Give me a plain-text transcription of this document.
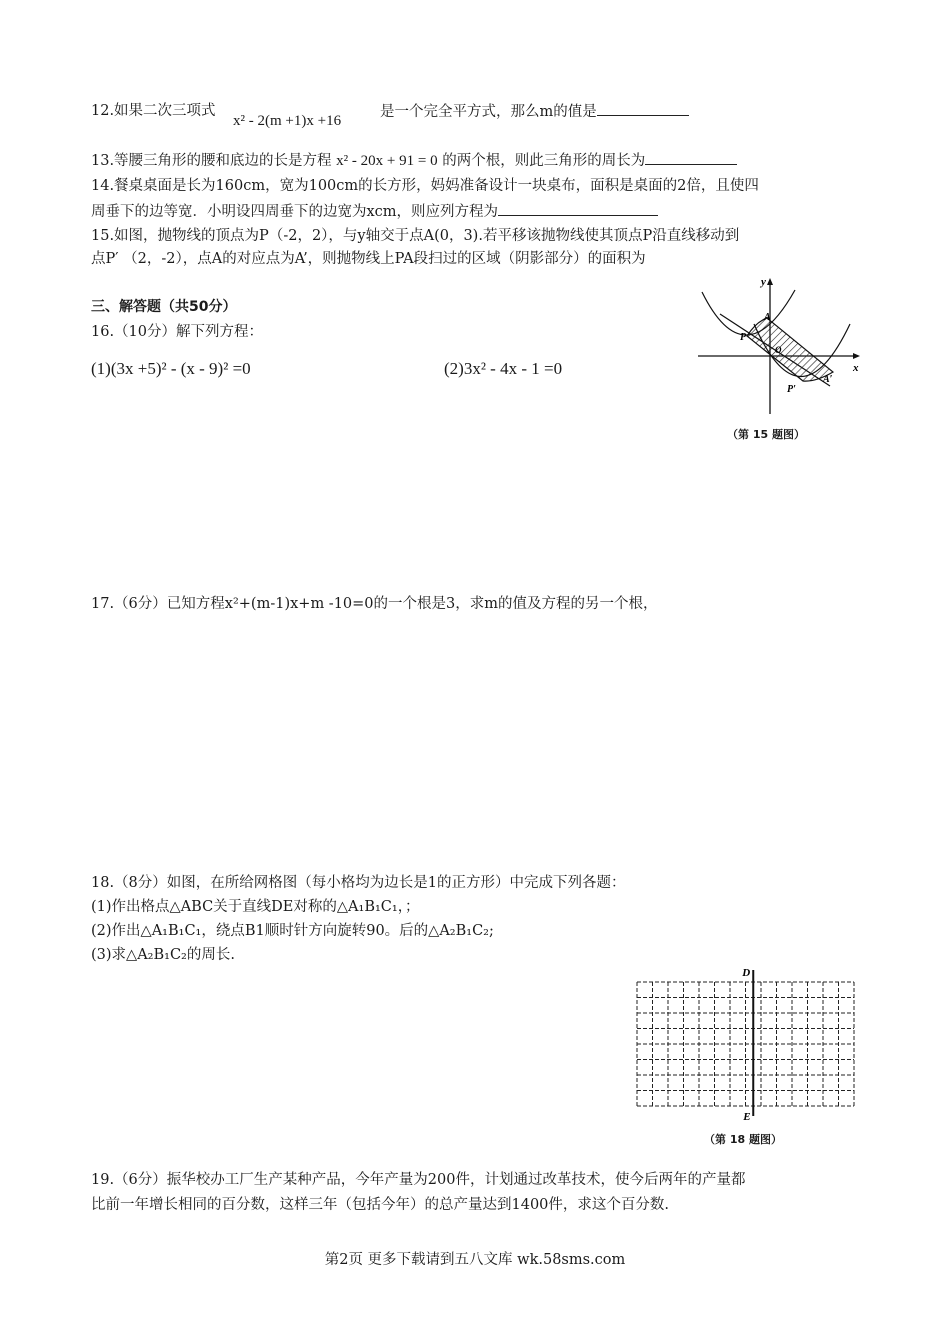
12.如果二次三项式
x² - 2(m +1)x +16
是一个完全平方式，那么m的值是
13.等腰三角形的腰和底边的长是方程 x² - 20x + 91 = 0 的两个根，则此三角形的周长为
14.餐桌桌面是长为160cm，宽为100cm的长方形，妈妈准备设计一块桌布，面积是桌面的2倍，且使四
周垂下的边等宽．小明设四周垂下的边宽为xcm，则应列方程为
15.如图，抛物线的顶点为P（-2，2），与y轴交于点A(0，3).若平移该抛物线使其顶点P沿直线移动到
点P′ （2，-2），点A的对应点为A’，则抛物线上PA段扫过的区域（阴影部分）的面积为
y
x
A
P
O
P′
A′
（第 15 题图）
三、解答题（共50分）
16.（10分）解下列方程：
(1)(3x +5)² - (x - 9)² =0	(2)3x² - 4x - 1 =0
17.（6分）已知方程x²+(m-1)x+m -10=0的一个根是3，求m的值及方程的另一个根，
18.（8分）如图，在所给网格图（每小格均为边长是1的正方形）中完成下列各题：
(1)作出格点△ABC关于直线DE对称的△A₁B₁C₁，；
(2)作出△A₁B₁C₁，绕点B1顺时针方向旋转90。后的△A₂B₁C₂;
(3)求△A₂B₁C₂的周长.
D
E
（第 18 题图）
19.（6分）振华校办工厂生产某种产品，今年产量为200件，计划通过改革技术，使今后两年的产量都
比前一年增长相同的百分数，这样三年（包括今年）的总产量达到1400件，求这个百分数.
第2页 更多下载请到五八文库 wk.58sms.com
